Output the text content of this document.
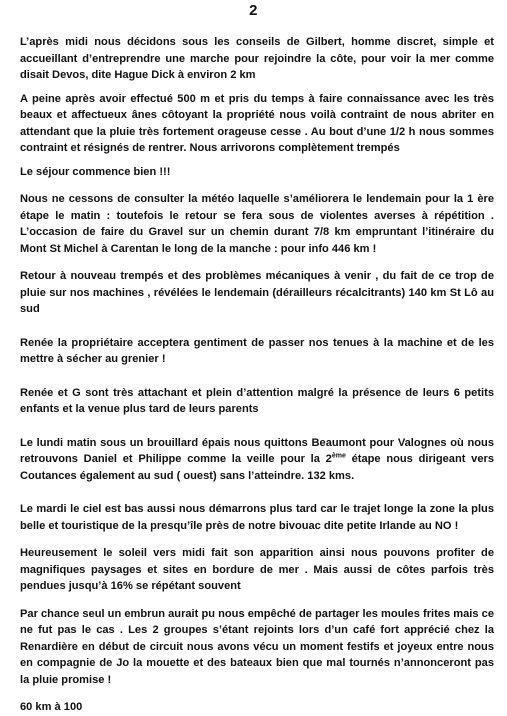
2

L’après midi nous décidons sous les conseils de Gilbert, homme discret, simple et accueillant d’entreprendre une marche pour rejoindre la côte, pour voir la mer comme disait Devos, dite Hague Dick à environ 2 km

A peine après avoir effectué 500 m et pris du temps à faire connaissance avec les très beaux et affectueux ânes côtoyant la propriété nous voilà contraint de nous abriter en attendant que la pluie très fortement orageuse cesse . Au bout d’une 1/2 h nous sommes contraint et résignés de rentrer. Nous arrivorons complètement trempés

Le séjour commence bien !!!

Nous ne cessons de consulter la météo laquelle s’améliorera le lendemain pour la 1 ère étape le matin : toutefois le retour se fera sous de violentes averses à répétition . L’occasion de faire du Gravel sur un chemin durant 7/8 km empruntant l’itinéraire du Mont St Michel à Carentan le long de la manche : pour info 446 km !

Retour à nouveau trempés et des problèmes mécaniques à venir , du fait de ce trop de pluie sur nos machines , révélées le lendemain (dérailleurs récalcitrants) 140 km St Lô au sud

Renée la propriétaire acceptera gentiment de passer nos tenues à la machine et de les mettre à sécher au grenier !

Renée et G sont très attachant et plein d’attention malgré la présence de leurs 6 petits enfants et la venue plus tard de leurs parents

Le lundi matin sous un brouillard épais nous quittons Beaumont pour Valognes où nous retrouvons Daniel et Philippe comme la veille pour la 2ème étape nous dirigeant vers Coutances également au sud ( ouest) sans l’atteindre. 132 kms.

Le mardi le ciel est bas aussi nous démarrons plus tard car le trajet longe la zone la plus belle et touristique de la presqu’île près de notre bivouac dite petite Irlande au NO !

Heureusement le soleil vers midi fait son apparition ainsi nous pouvons profiter de magnifiques paysages et sites en bordure de mer . Mais aussi de côtes parfois très pendues jusqu’à 16% se répétant souvent

Par chance seul un embrun aurait pu nous empêché de partager les moules frites mais ce ne fut pas le cas . Les 2 groupes s’étant rejoints lors d’un café fort apprécié chez la Renardière en début de circuit nous avons vécu un moment festifs et joyeux entre nous en compagnie de Jo la mouette et des bateaux bien que mal tournés n’annonceront pas la pluie promise !

60 km à 100
